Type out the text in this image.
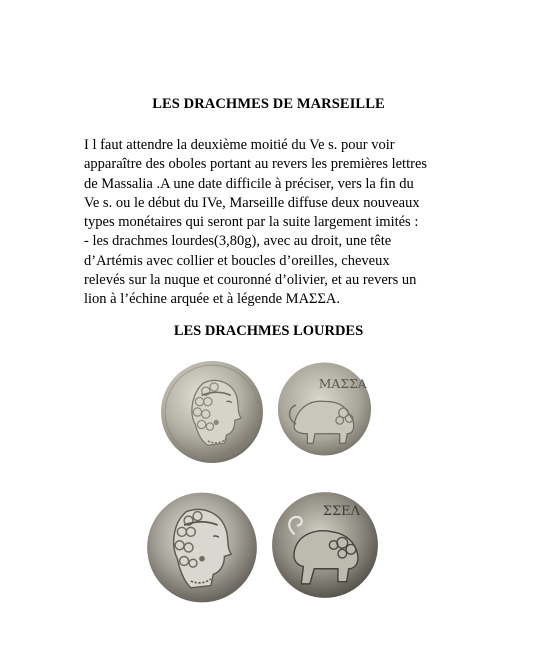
LES DRACHMES DE MARSEILLE
I l faut attendre la deuxième moitié du Ve s. pour voir
apparaître des oboles portant au revers les premières lettres
de Massalia .A une date difficile à préciser, vers la fin du
Ve s. ou le début du IVe, Marseille diffuse deux nouveaux
types monétaires qui seront par la suite largement imités :
- les drachmes lourdes(3,80g), avec au droit, une tête
d’Artémis avec collier et boucles d’oreilles, cheveux
relevés sur la nuque et couronné d’olivier, et au revers un
lion à l’échine arquée et à légende ΜΑΣΣΑ.
LES DRACHMES LOURDES
ΜΑΣΣΑ
ΣΣΕΛ
